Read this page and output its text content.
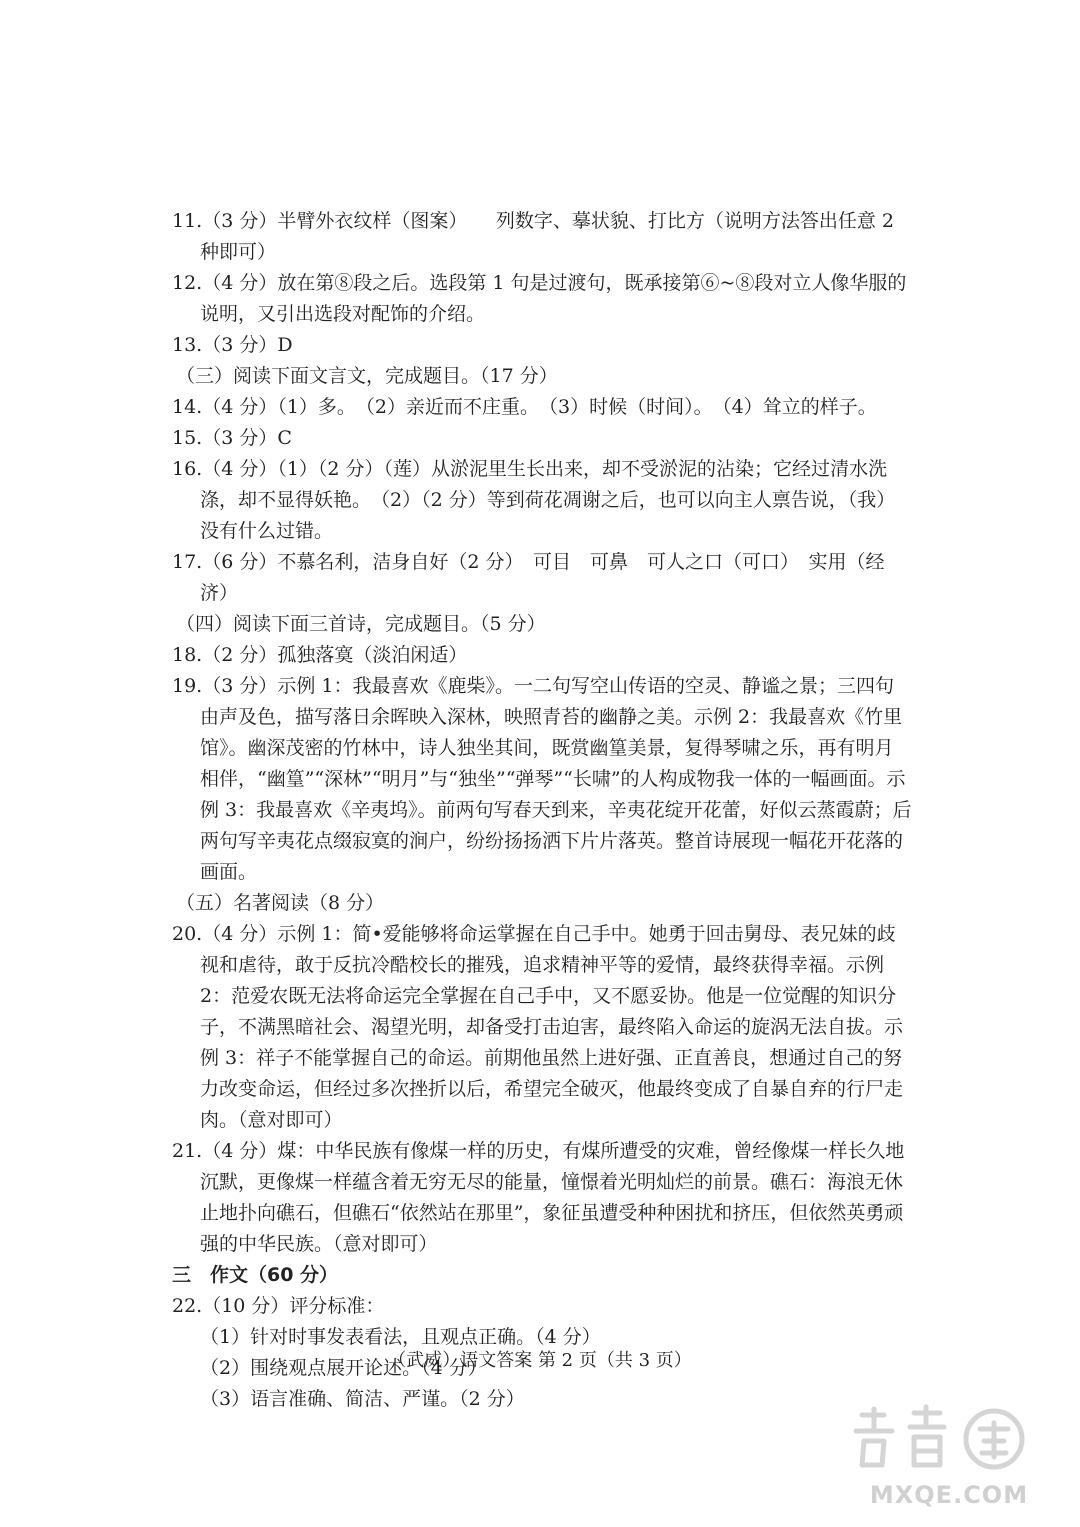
11.（3 分）半臂外衣纹样（图案）　　列数字、摹状貌、打比方（说明方法答出任意 2 种即可）

12.（4 分）放在第⑧段之后。选段第 1 句是过渡句，既承接第⑥~⑧段对立人像华服的说明，又引出选段对配饰的介绍。

13.（3 分）D

（三）阅读下面文言文，完成题目。（17 分）

14.（4 分）（1）多。　（2）亲近而不庄重。　（3）时候（时间）。　（4）耸立的样子。

15.（3 分）C

16.（4 分）（1）（2 分）（莲）从淤泥里生长出来，却不受淤泥的沾染；它经过清水洗涤，却不显得妖艳。　（2）（2 分）等到荷花凋谢之后，也可以向主人禀告说，（我）没有什么过错。

17.（6 分）不慕名利，洁身自好（2 分）　可目　可鼻　可人之口（可口）　实用（经济）

（四）阅读下面三首诗，完成题目。（5 分）

18.（2 分）孤独落寞（淡泊闲适）

19.（3 分）示例 1：我最喜欢《鹿柴》。一二句写空山传语的空灵、静谧之景；三四句由声及色，描写落日余晖映入深林，映照青苔的幽静之美。示例 2：我最喜欢《竹里馆》。幽深茂密的竹林中，诗人独坐其间，既赏幽篁美景，复得琴啸之乐，再有明月相伴，“幽篁”“深林”“明月”与“独坐”“弹琴”“长啸”的人构成物我一体的一幅画面。示例 3：我最喜欢《辛夷坞》。前两句写春天到来，辛夷花绽开花蕾，好似云蒸霞蔚；后两句写辛夷花点缀寂寞的涧户，纷纷扬扬洒下片片落英。整首诗展现一幅花开花落的画面。

（五）名著阅读（8 分）

20.（4 分）示例 1：简•爱能够将命运掌握在自己手中。她勇于回击舅母、表兄妹的歧视和虐待，敢于反抗冷酷校长的摧残，追求精神平等的爱情，最终获得幸福。示例 2：范爱农既无法将命运完全掌握在自己手中，又不愿妥协。他是一位觉醒的知识分子，不满黑暗社会、渴望光明，却备受打击迫害，最终陷入命运的旋涡无法自拔。示例 3：祥子不能掌握自己的命运。前期他虽然上进好强、正直善良，想通过自己的努力改变命运，但经过多次挫折以后，希望完全破灭，他最终变成了自暴自弃的行尸走肉。（意对即可）

21.（4 分）煤：中华民族有像煤一样的历史，有煤所遭受的灾难，曾经像煤一样长久地沉默，更像煤一样蕴含着无穷无尽的能量，憧憬着光明灿烂的前景。礁石：海浪无休止地扑向礁石，但礁石“依然站在那里”，象征虽遭受种种困扰和挤压，但依然英勇顽强的中华民族。（意对即可）

三　作文（60 分）

22.（10 分）评分标准：

（1）针对时事发表看法，且观点正确。（4 分）

（2）围绕观点展开论述。（4 分）

（3）语言准确、简洁、严谨。（2 分）

（武威）语文答案 第 2 页（共 3 页）
MXQE.COM
